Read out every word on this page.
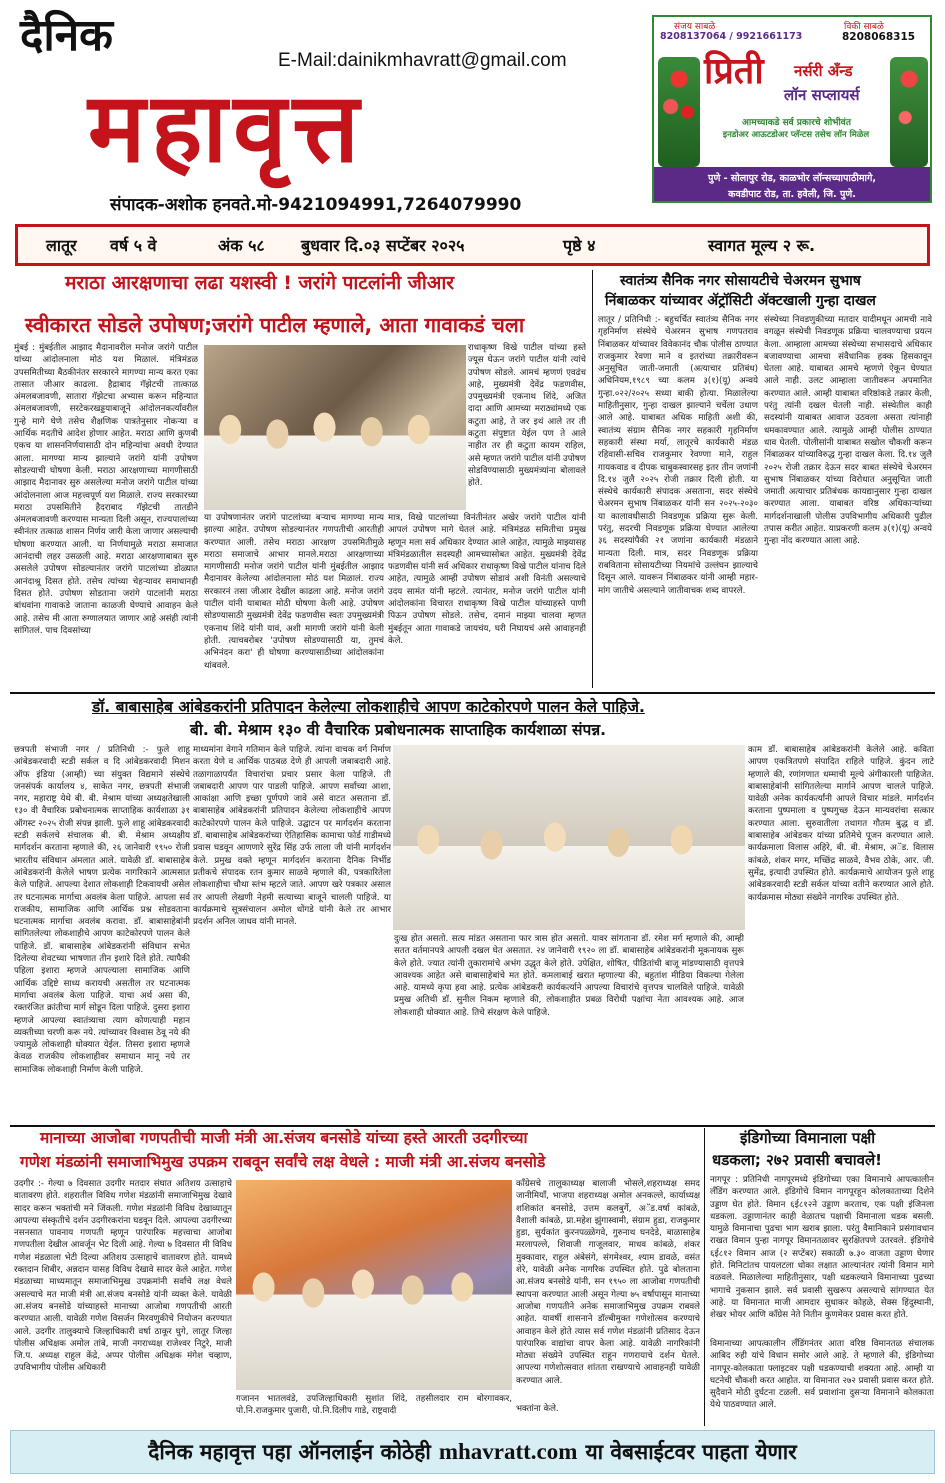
दैनिक	E-Mail:dainikmhavratt@gmail.com
महावृत्त
संपादक-अशोक हनवते.मो-9421094991,7264079990
संजय साबळे
8208137064 / 9921661173
विकी साबळे
8208068315
प्रिती नर्सरी अँन्ड
लॉन सप्लायर्स
आमच्याकडे सर्व प्रकारचे शोभीवंत
इनडोअर आऊटडोअर प्लॅन्टस तसेच लॉन मिळेल
पुणे - सोलापुर रोड, काळभोर लॉन्सच्यापाठीमागे,
कवडीपाट रोड, ता. हवेली, जि. पुणे.
लातूर वर्ष ५ वे	अंक ५८ बुधवार दि.०३ सप्टेंबर २०२५	पृष्ठे ४	स्वागत मूल्य २ रू.
मराठा आरक्षणाचा लढा यशस्वी ! जरांगे पाटलांनी जीआर
स्वीकारत सोडले उपोषण;जरांगे पाटील म्हणाले, आता गावाकडं चला
मुंबई : मुंबईतील आझाद मैदानावरील मनोज जरांगे पाटील यांच्या आंदोलनाला मोठं यश मिळालं. मंत्रिमंडळ उपसमितीच्या बैठकीनंतर सरकारने मागण्या मान्य करत एका तासात जीआर काढला. हैद्राबाद गॅझेटची तात्काळ अंमलबजावणी, सातारा गॅझेटचा अभ्यास करून महिन्यात अंमलबजावणी, सरटेकरखड्डयाबाजूने आंदोलनकर्त्यांवरील गुन्हे मागे घेणे तसेच शैक्षणिक पात्रतेनुसार नोकर्‍या व आर्थिक मदतीचे आदेश होणार आहेत. मराठा आणि कुणबी एकच या शासननिर्णयासाठी दोन महिन्यांचा अवधी देण्यात आला. मागण्या मान्य झाल्याने जरांगे यांनी उपोषण सोडल्याची घोषणा केली. मराठा आरक्षणाच्या मागणीसाठी आझाद मैदानावर सुरु असलेल्या मनोज जरांगे पाटील यांच्या आंदोलनाला आज महत्त्वपूर्ण यश मिळाले. राज्य सरकारच्या मराठा उपसमितीने हैदराबाद गॅझेटची तातडीने अंमलबजावणी करण्यास मान्यता दिली असून, राज्यपालांच्या स्वीनंतर तत्काळ शासन निर्णय जारी केला जाणार असल्याची घोषणा करण्यात आली. या निर्णयामुळे मराठा समाजात आनंदाची लहर उसळली आहे. मराठा आरक्षणाबाबत सुरु असलेले उपोषण सोडल्यानंतर जरांगे पाटलांच्या डोळ्यात आनंदाश्रू दिसत होते. तसेच त्यांच्या चेहऱ्यावर समाधानही दिसत होते. उपोषण सोडताना जरांगे पाटलांनी मराठा बांधवांना गावाकडे जाताना काळजी घेण्याचे आवाहन केले आहे. तसेच मी आता रुग्णालयात जाणार आहे असंही त्यांनी सांगितलं. पाच दिवसांच्या
या उपोषणानंतर जरांगे पाटलांच्या बऱ्याच मागण्या मान्य झाल्या आहेत. उपोषण सोडल्यानंतर गणपतीची आरतीही करण्यात आली. तसेच मराठा आरक्षण उपसमितीमुळे मराठा समाजाचे आभार मानले.मराठा आरक्षणाच्या मागणीसाठी मनोज जरांगे पाटील यांनी मुंबईतील आझाद मैदानावर केलेल्या आंदोलनाला मोठं यश मिळालं. राज्य सरकारनं तसा जीआर देखील काढला आहे. मनोज जरांगे पाटील यांनी याबाबत मोठी घोषणा केली आहे. उपोषण सोडण्यासाठी मुख्यमंत्री देवेंद्र फडणवीस स्वतः उपमुख्यमंत्री एकनाथ शिंदे यांनी यावं, अशी मागणी जरांगे यांनी केली होती. त्याचबरोबर 'उपोषण सोडण्यासाठी या, तुमचं अभिनंदन करा' ही घोषणा करण्यासाठीच्या आंदोलकांना थांबवले.
राधाकृष्ण विखे पाटील यांच्या हस्ते ज्यूस घेऊन जरांगे पाटील यांनी त्यांचे उपोषण सोडले. आमचं म्हणणं एवढंच आहे, मुख्यमंत्री देवेंद्र फडणवीस, उपमुख्यमंत्री एकनाथ शिंदे, अजित दादा आणि आमच्या मराठ्यांमध्ये एक कटुता आहे, ते जर इथं आले तर ती कटुता संपुष्टात येईल पण ते आले नाहीत तर ही कटुता कायम राहिल, असे म्हणत जरांगे पाटील यांनी उपोषण सोडविण्यासाठी मुख्यमंत्र्यांना बोलावले होते.
मात्र, विखे पाटलांच्या विनंतीनंतर अखेर जरांगे पाटील यांनी आपलं उपोषण मागे घेतलं आहे. मंत्रिमंडळ समितीचा प्रमुख म्हणून मला सर्व अधिकार देण्यात आले आहेत, त्यामुळे माझ्यासह मंत्रिमंडळातील सदस्यही आमच्यासोबत आहेत. मुख्यमंत्री देवेंद्र फडणवीस यांनी सर्व अधिकार राधाकृष्ण विखे पाटील यांनाच दिले आहेत, त्यामुळे आम्ही उपोषण सोडावं अशी विनंती असल्याचे उदय सामंत यांनी म्हटले. त्यानंतर, मनोज जरांगे पाटील यांनी आंदोलकांना विचारत राधाकृष्ण विखे पाटील यांच्याहस्ते पाणी पिऊन उपोषण सोडले. तसेच, दमानं माझ्या चालवा म्हणत मुंबईतून आता गावाकडे जायचंय, घरी निघायचं असे आवाहनही केले.
स्वातंत्र्य सैनिक नगर सोसायटीचे चेअरमन सुभाष
निंबाळकर यांच्यावर ॲट्रॉसिटी ॲक्टखाली गुन्हा दाखल
लातूर / प्रतिनिधी :- बहुचर्चित स्वातंत्र्य सैनिक नगर गृहनिर्माण संस्थेचे चेअरमन सुभाष गणपतराव निंबाळकर यांच्यावर विवेकानंद चौक पोलीस ठाण्यात राजकुमार रेवणा माने व इतरांच्या तक्रारीवरून अनुसूचित जाती-जमाती (अत्याचार प्रतिबंध) अधिनियम,१९८९ च्या कलम ३(१)(यू) अन्वये गुन्हा.०२२/२०२५ सध्या बाकी होत्या. मिळालेल्या माहितीनुसार, गुन्हा दाखल झाल्याने चर्चेला उधाण आले आहे. याबाबत अधिक माहिती अशी की, स्वातंत्र्य संग्राम सैनिक नगर सहकारी गृहनिर्माण सहकारी संस्था मर्या, लातूरचे कार्यकारी मंडळ रहिवासी-सचिव राजकुमार रेवण्णा माने, राहुल गायकवाड व दीपक चाबुकस्वारसह इतर तीन जणांनी दि.१४ जुलै २०२५ रोजी तक्रार दिली होती. या संस्थेचे कार्यकारी संपादक असताना, सदर संस्थेचे चेअरमन सुभाष निंबाळकर यांनी सन २०२५-२०३० या कालावधीसाठी निवडणूक प्रक्रिया सुरू केली. परंतु, सदरची निवडणूक प्रक्रिया घेण्यात आलेल्या ३६ सदस्यांपैकी २१ जणांना कार्यकारी मंडळाने मान्यता दिली. मात्र, सदर निवडणूक प्रक्रिया राबविताना सोसायटीच्या नियमांचे उल्लंघन झाल्याचे दिसून आले. यावरून निंबाळकर यांनी आम्ही महार-मांग जातीचे असल्याने जातीवाचक शब्द वापरले.
संस्थेच्या निवडणुकीच्या मतदार यादीमधून आमची नावे वगळून संस्थेची निवडणूक प्रक्रिया चालवण्याचा प्रयत्न केला. आम्हाला आमच्या संस्थेच्या सभासदाचे अधिकार बजावण्याचा आमचा संवैधानिक हक्क हिसकावून घेतला आहे. याबाबत आमचे म्हणणे ऐकून घेण्यात आले नाही. उलट आम्हाला जातीवरून अपमानित करण्यात आले. आम्ही याबाबत वरिष्ठांकडे तक्रार केली, परंतु त्यांनी दखल घेतली नाही. संस्थेतील काही सदस्यांनी याबाबत आवाज उठवला असता त्यांनाही धमकावण्यात आले. त्यामुळे आम्ही पोलीस ठाण्यात धाव घेतली. पोलीसांनी याबाबत सखोल चौकशी करून निंबाळकर यांच्याविरुद्ध गुन्हा दाखल केला. दि.१४ जुलै २०२५ रोजी तक्रार देऊन सदर बाबत संस्थेचे चेअरमन सुभाष निंबाळकर यांच्या विरोधात अनुसूचित जाती जमाती अत्याचार प्रतिबंधक कायद्यानुसार गुन्हा दाखल करण्यात आला. याबाबत वरिष्ठ अधिकाऱ्यांच्या मार्गदर्शनाखाली पोलीस उपविभागीय अधिकारी पुढील तपास करीत आहेत. याप्रकरणी कलम ३(१)(यू) अन्वये गुन्हा नोंद करण्यात आला आहे.
डॉ. बाबासाहेब आंबेडकरांनी प्रतिपादन केलेल्या लोकशाहीचे आपण काटेकोरपणे पालन केले पाहिजे.
बी. बी. मेश्राम १३० वी वैचारिक प्रबोधनात्मक साप्ताहिक कार्यशाळा संपन्न.
छत्रपती संभाजी नगर / प्रतिनिधी :- फुले शाहू आंबेडकरवादी स्टडी सर्कल व दि आंबेडकरवादी मिशन ऑफ इंडिया (आम्ही) च्या संयुक्त विद्यमाने संस्थेचे जनसंपर्क कार्यालय ४, साकेत नगर, छत्रपती संभाजी नगर, महाराष्ट्र येथे बी. बी. मेश्राम यांच्या अध्यक्षतेखाली १३० वी वैचारिक प्रबोधनात्मक साप्ताहिक कार्यशाळा ३१ ऑगस्ट २०२५ रोजी संपन्न झाली. फुले शाहू आंबेडकरवादी स्टडी सर्कलचे संचालक बी. बी. मेश्राम अध्यक्षीय मार्गदर्शन करताना म्हणाले की, २६ जानेवारी १९५० रोजी भारतीय संविधान अंमलात आले. यावेळी डॉ. बाबासाहेब आंबेडकरांनी केलेले भाषण प्रत्येक नागरिकाने आत्मसात केले पाहिजे. आपल्या देशात लोकशाही टिकवायची असेल तर घटनात्मक मार्गाचा अवलंब केला पाहिजे. आपला सर्व राजकीय, सामाजिक आणि आर्थिक प्रश्न सोडवताना घटनात्मक मार्गाचा अवलंब करावा. डॉ. बाबासाहेबांनी सांगितलेल्या लोकशाहीचे आपण काटेकोरपणे पालन केले पाहिजे. डॉ. बाबासाहेब आंबेडकरांनी संविधान सभेत दिलेल्या शेवटच्या भाषणात तीन इशारे दिले होते. त्यापैकी पहिला इशारा म्हणजे आपल्याला सामाजिक आणि आर्थिक उद्दिष्टे साध्य करायची असतील तर घटनात्मक मार्गाचा अवलंब केला पाहिजे. याचा अर्थ असा की, रक्तरंजित क्रांतीचा मार्ग सोडून दिला पाहिजे. दुसरा इशारा म्हणजे आपल्या स्वातंत्र्याचा त्याग कोणत्याही महान व्यक्तीच्या चरणी करू नये. त्यांच्यावर विश्वास ठेवू नये की ज्यामुळे लोकशाही धोक्यात येईल. तिसरा इशारा म्हणजे केवळ राजकीय लोकशाहीवर समाधान मानू नये तर सामाजिक लोकशाही निर्माण केली पाहिजे.
माध्यमांना वेगाने गतिमान केले पाहिजे. त्यांना वाचक वर्ग निर्माण करता येणे व आर्थिक पाठबळ देणे ही आपली जबाबदारी आहे. तळागाळापर्यंत विचारांचा प्रचार प्रसार केला पाहिजे. ती जबाबदारी आपण पार पाडली पाहिजे. आपण सर्वांच्या आशा, आकांक्षा आणि इच्छा पूर्णपणे जावे असे वाटत असताना डॉ. बाबासाहेब आंबेडकरांनी प्रतिपादन केलेल्या लोकशाहीचे आपण काटेकोरपणे पालन केले पाहिजे. उद्घाटन पर मार्गदर्शन करताना डॉ. बाबासाहेब आंबेडकरांच्या ऐतिहासिक कामाचा फोर्ड गाडीमध्ये प्रवास घडवून आणणारे सुरेंद्र सिंह उर्फ लाला जी यांनी मार्गदर्शन केले. प्रमुख वक्ते म्हणून मार्गदर्शन करताना दैनिक निर्भीड प्रतीकचे संपादक रतन कुमार साळवे म्हणाले की, पत्रकारितेला लोकशाहीचा चौथा स्तंभ म्हटले जाते. आपण खरे पत्रकार असाल तर आपली लेखणी नेहमी सत्याच्या बाजूने चालली पाहिजे. या कार्यक्रमाचे सूत्रसंचालन अमोल धोंगडे यांनी केले तर आभार प्रदर्शन अनिल जाधव यांनी मानले.
दुःख होत असतो. सत्य मांडत असताना फार त्रास होत असतो. यावर सांगताना डॉ. रमेश मर्ग म्हणाले की, आम्ही सतत वर्तमानपत्रे आपली दखल घेत असतात. २४ जानेवारी १९२० ला डॉ. बाबासाहेब आंबेडकरांनी मूकनायक सुरू केले होते. ज्यात त्यांनी तुकारामांचे अभंग उद्धृत केले होते. उपेक्षित, शोषित, पीडितांची बाजू मांडण्यासाठी वृत्तपत्रे आवश्यक आहेत असे बाबासाहेबांचे मत होते. कमलाबाई खरात म्हणाल्या की, बहुतांश मीडिया विकल्या गेलेला आहे. यामध्ये कृपा हवा आहे. प्रत्येक आंबेडकरी कार्यकर्त्याने आपल्या विचारांचे वृत्तपत्र चालविले पाहिजे. यावेळी प्रमुख अतिथी डॉ. सुनील निकम म्हणाले की, लोकशाहीत प्रबळ विरोधी पक्षांचा नेता आवश्यक आहे. आज लोकशाही धोक्यात आहे. तिचे संरक्षण केले पाहिजे.
काम डॉ. बाबासाहेब आंबेडकरांनी केलेले आहे. कविता आपण एकत्रितपणे संपादित राहिले पाहिजे. कुंदन लाटे म्हणाले की, रणांगणात धम्माची मूल्ये अंगीकारली पाहिजेत. बाबासाहेबांनी सांगितलेल्या मार्गाने आपण चालले पाहिजे. यावेळी अनेक कार्यकर्त्यांनी आपले विचार मांडले. मार्गदर्शन करताना पुष्पमाला व पुष्पगुच्छ देऊन मान्यवरांचा सत्कार करण्यात आला. सुरुवातीला तथागत गौतम बुद्ध व डॉ. बाबासाहेब आंबेडकर यांच्या प्रतिमेचे पूजन करण्यात आले. कार्यक्रमाला विलास अहिरे, बी. बी. मेश्राम, अॅड. विलास कांबळे, शंकर मगर, मच्छिंद्र साळवे, वैभव ठोके, आर. जी. सुमेंद्र, इत्यादी उपस्थित होते. कार्यक्रमाचे आयोजन फुले शाहू आंबेडकरवादी स्टडी सर्कल यांच्या वतीने करण्यात आले होते. कार्यक्रमास मोठ्या संख्येने नागरिक उपस्थित होते.
मानाच्या आजोबा गणपतीची माजी मंत्री आ.संजय बनसोडे यांच्या हस्ते आरती उदगीरच्या
गणेश मंडळांनी समाजाभिमुख उपक्रम राबवून सर्वांचे लक्ष वेधले : माजी मंत्री आ.संजय बनसोडे
उदगीर :- गेल्या ७ दिवसात उदगीर मतदार संघात अतिशय उत्साहाचे वातावरण होते. शहरातील विविध गणेश मंडळांनी समाजाभिमुख देखावे सादर करून भक्तांची मने जिंकली. गणेश मंडळांनी विविध देखाव्यातून आपल्या संस्कृतीचे दर्शन उदगीरकरांना घडवून दिले. आपल्या उदगीरच्या नसनसात पावनाय गणपती म्हणून पारंपारिक महत्त्वाचा आजोबा गणपतीला देखील आवर्जून भेट दिली आहे. गेल्या ७ दिवसात मी विविध गणेश मंडळाला भेटी दिल्या अतिशय उत्साहाचे वातावरण होते. यामध्ये रक्तदान शिबीर, अन्नदान यासह विविध देखावे सादर केले आहेत. गणेश मंडळाच्या माध्यमातून समाजाभिमुख उपक्रमांनी सर्वांचे लक्ष वेधले असल्याचे मत माजी मंत्री आ.संजय बनसोडे यांनी व्यक्त केले. यावेळी आ.संजय बनसोडे यांच्याहस्ते मानाच्या आजोबा गणपतीची आरती करण्यात आली. यावेळी गणेश विसर्जन मिरवणुकीचे नियोजन करण्यात आले. उदगीर तालुक्याचे जिल्हाधिकारी वर्षा ठाकूर घुगे, लातूर जिल्हा पोलीस अधिक्षक अमोल तांबे, माजी नगराध्यक्ष राजेश्वर निटुरे, माजी जि.प. अध्यक्ष राहुल केंद्रे, अप्पर पोलीस अधिक्षक मंगेश चव्हाण, उपविभागीय पोलीस अधिकारी
गजानन भातलवंडे, उपजिल्हाधिकारी सुशांत शिंदे, तहसीलदार राम बोरगावकर, पो.नि.राजकुमार पुजारी, पो.नि.दिलीप गाडे, राष्ट्रवादी	भक्तांना केले.
काँग्रेसचे तालुकाध्यक्ष बालाजी भोसले,शहराध्यक्ष समद जानीमियाँ, भाजपा शहराध्यक्ष अमोल अनकल्ले, कार्याध्यक्ष शशिकांत बनसोडे, उत्तम कलबुर्गे, अॅड.वर्षा कांबळे, वैशाली कांबळे, प्रा.महेश झुंगास्वामी, संग्राम हुडा, राजकुमार हुडा, सुर्यकांत कुरनपळ्ळेगवे, गुरुनाथ घनदेडे, बाळासाहेब मरलापल्ले, शिवाजी गाजूलवार, माधव कांबळे, शंकर मुक्कावार, राहुल अंबेसंगे, संगमेश्वर, श्याम डावळे, वसंत शेरे, यावेळी अनेक नागरिक उपस्थित होते. पुढे बोलताना आ.संजय बनसोडे यांनी, सन १९५० ला आजोबा गणपतीची स्थापना करण्यात आली असून गेल्या ७५ वर्षांपासून मानाच्या आजोबा गणपतीने अनेक समाजाभिमुख उपक्रम राबवले आहेत. यावर्षी शासनाने डॉल्बीमुक्त गणेशोत्सव करण्याचे आवाहन केले होते त्यास सर्व गणेश मंडळांनी प्रतिसाद देऊन पारंपारिक वाद्यांचा वापर केला आहे. यावेळी नागरिकांनी मोठ्या संख्येने उपस्थित राहून गणरायाचे दर्शन घेतले. आपल्या गणेशोत्सवात शांतता राखण्याचे आवाहनही यावेळी करण्यात आले.
इंडिगोच्या विमानाला पक्षी
धडकला; २७२ प्रवासी बचावले!
नागपूर : प्रतिनिधी नागपूरमध्ये इंडिगोच्या एका विमानाचे आपत्कालीन लँडिंग करण्यात आले. इंडिगोचे विमान नागपूरहून कोलकाताच्या दिशेने उड्डाण घेत होते. विमान ६ई८१२ने उड्डाण करताच, एक पक्षी इंजिनला धडकला. उड्डाणानंतर काही वेळातच पक्षाची विमानाला धडक बसली. यामुळे विमानाचा पुढचा भाग खराब झाला. परंतु वैमानिकाने प्रसंगावधान राखत विमान पुन्हा नागपूर विमानतळावर सुरक्षितपणे उतरवले. इंडिगोचे ६ई८१२ विमान आज (२ सप्टेंबर) सकाळी ७.३० वाजता उड्डाण घेणार होते. मिनिटांतच पायलटला धोका लक्षात आल्यानंतर त्यांनी विमान मागे वळवले. मिळालेल्या माहितीनुसार, पक्षी धडकल्याने विमानाच्या पुढच्या भागाचे नुकसान झाले. सर्व प्रवासी सुखरूप असल्याचे सांगण्यात येत आहे. या विमानात माजी आमदार सुधाकर कोहळे, सेक्स हिंदुस्थानी, शेखर भोयर आणि कॉंग्रेस नेते नितीन कुणमेकर प्रवास करत होते.
विमानाच्या आपत्कालीन लँडिंगनंतर आता वरिष्ठ विमानतळ संचालक आबिद रुही यांचे विधान समोर आले आहे. ते म्हणाले की, इंडिगोच्या नागपूर-कोलकाता फ्लाइटवर पक्षी धडकण्याची शक्यता आहे. आम्ही या घटनेची चौकशी करत आहोत. या विमानात २७२ प्रवासी प्रवास करत होते. सुदैवाने मोठी दुर्घटना टळली. सर्व प्रवाशांना दुसऱ्या विमानाने कोलकाता येथे पाठवण्यात आले.
दैनिक महावृत्त पहा ऑनलाईन कोठेही mhavratt.com या वेबसाईटवर पाहता येणार
